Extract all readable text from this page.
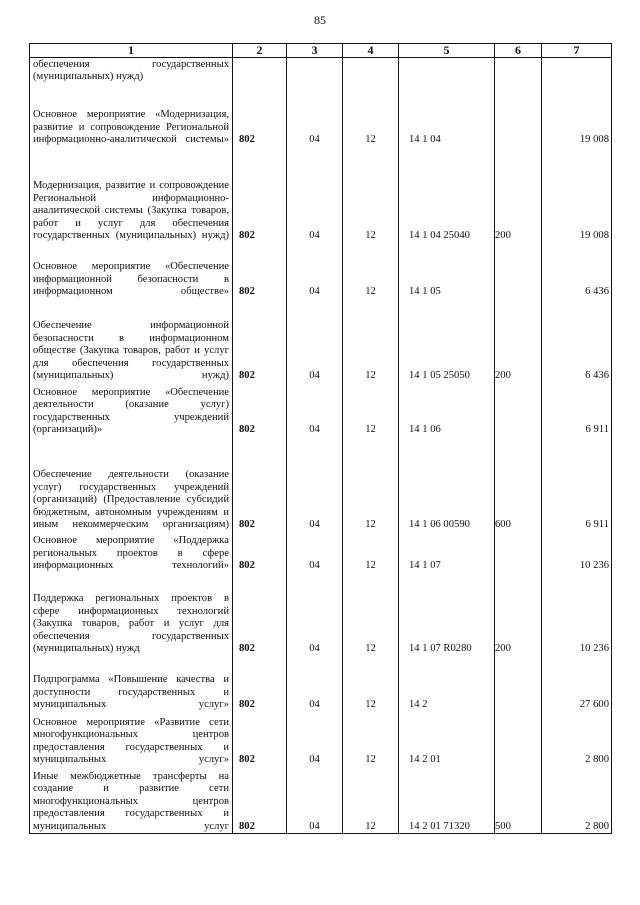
85
1	2	3	4	5	6	7
обеспечения государственных (муниципальных) нужд)						
Основное мероприятие «Модернизация, развитие и сопровождение Региональной информационно-аналитической системы»	802	04	12	14 1 04		19 008
Модернизация, развитие и сопровождение Региональной информационно-аналитической системы (Закупка товаров, работ и услуг для обеспечения государственных (муниципальных) нужд)	802	04	12	14 1 04 25040	200	19 008
Основное мероприятие «Обеспечение информационной безопасности в информационном обществе»	802	04	12	14 1 05		6 436
Обеспечение информационной безопасности в информационном обществе (Закупка товаров, работ и услуг для обеспечения государственных (муниципальных) нужд)	802	04	12	14 1 05 25050	200	6 436
Основное мероприятие «Обеспечение деятельности (оказание услуг) государственных учреждений (организаций)»	802	04	12	14 1 06		6 911
Обеспечение деятельности (оказание услуг) государственных учреждений (организаций) (Предоставление субсидий бюджетным, автономным учреждениям и иным некоммерческим организациям)	802	04	12	14 1 06 00590	600	6 911
Основное мероприятие «Поддержка региональных проектов в сфере информационных технологий»	802	04	12	14 1 07		10 236
Поддержка региональных проектов в сфере информационных технологий (Закупка товаров, работ и услуг для обеспечения государственных (муниципальных) нужд	802	04	12	14 1 07 R0280	200	10 236
Подпрограмма «Повышение качества и доступности государственных и муниципальных услуг»	802	04	12	14 2		27 600
Основное мероприятие «Развитие сети многофункциональных центров предоставления государственных и муниципальных услуг»	802	04	12	14 2 01		2 800
Иные межбюджетные трансферты на создание и развитие сети многофункциональных центров предоставления государственных и муниципальных услуг	802	04	12	14 2 01 71320	500	2 800
